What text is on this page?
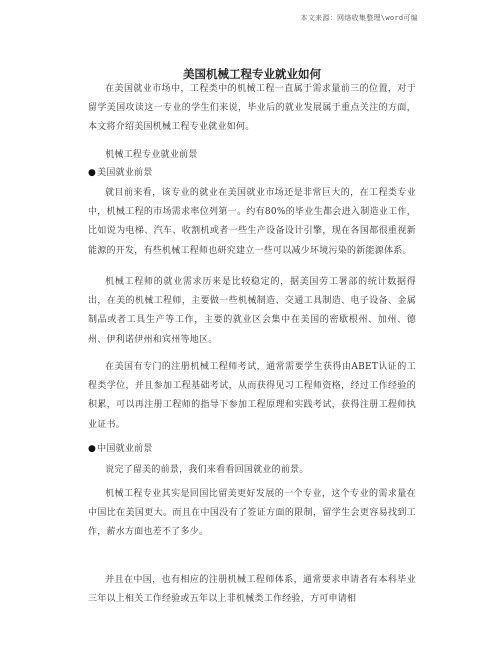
本文来源：网络收集整理\word可编
美国机械工程专业就业如何

在美国就业市场中，工程类中的机械工程一直属于需求量前三的位置，对于留学美国攻读这一专业的学生们来说，毕业后的就业发展属于重点关注的方面，本文将介绍美国机械工程专业就业如何。

机械工程专业就业前景

●美国就业前景

就目前来看，该专业的就业在美国就业市场还是非常巨大的，在工程类专业中，机械工程的市场需求率位列第一。约有80%的毕业生都会进入制造业工作，比如说为电梯、汽车、收割机或者一些生产设备设计引擎，现在各国都很重视新能源的开发，有些机械工程师也研究建立一些可以减少环境污染的新能源体系。

机械工程师的就业需求历来是比较稳定的，据美国劳工署部的统计数据得出，在美的机械工程师，主要做一些机械制造、交通工具制造、电子设备、金属制品或者工具生产等工作，主要的就业区会集中在美国的密歇根州、加州、德州、伊利诺伊州和宾州等地区。

在美国有专门的注册机械工程师考试，通常需要学生获得由ABET认证的工程类学位，并且参加工程基础考试，从而获得见习工程师资格，经过工作经验的积累，可以再注册工程师的指导下参加工程原理和实践考试，获得注册工程师执业证书。

●中国就业前景

说完了留美的前景，我们来看看回国就业的前景。

机械工程专业其实是回国比留美更好发展的一个专业，这个专业的需求量在中国比在美国更大。而且在中国没有了签证方面的限制，留学生会更容易找到工作，薪水方面也差不了多少。

并且在中国，也有相应的注册机械工程师体系，通常要求申请者有本科毕业三年以上相关工作经验或五年以上非机械类工作经验，方可申请相
